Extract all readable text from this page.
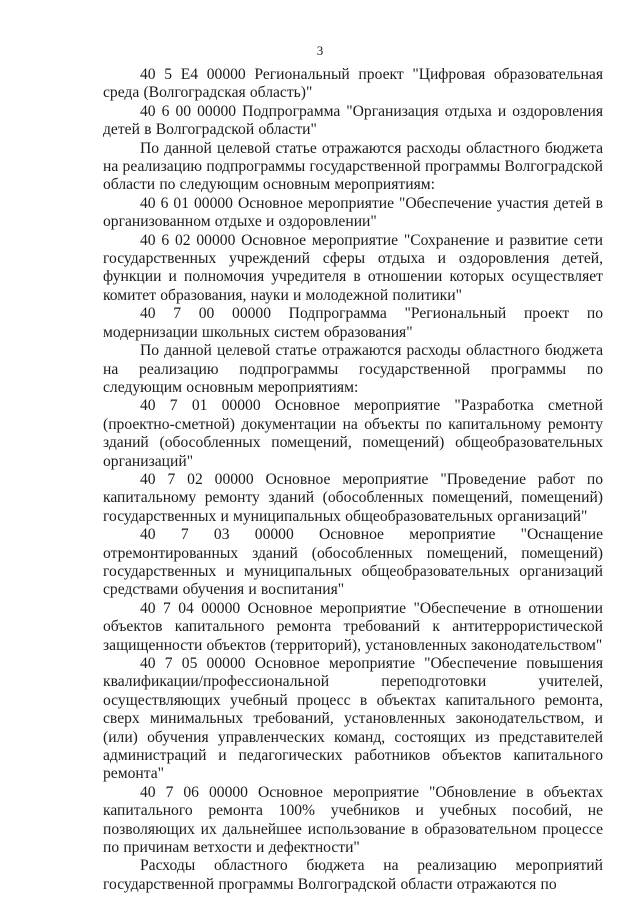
3

40 5 E4 00000 Региональный проект "Цифровая образовательная среда (Волгоградская область)"

40 6 00 00000 Подпрограмма "Организация отдыха и оздоровления детей в Волгоградской области"

По данной целевой статье отражаются расходы областного бюджета на реализацию подпрограммы государственной программы Волгоградской области по следующим основным мероприятиям:

40 6 01 00000 Основное мероприятие "Обеспечение участия детей в организованном отдыхе и оздоровлении"

40 6 02 00000 Основное мероприятие "Сохранение и развитие сети государственных учреждений сферы отдыха и оздоровления детей, функции и полномочия учредителя в отношении которых осуществляет комитет образования, науки и молодежной политики"

40 7 00 00000 Подпрограмма "Региональный проект по модернизации школьных систем образования"

По данной целевой статье отражаются расходы областного бюджета на реализацию подпрограммы государственной программы по следующим основным мероприятиям:

40 7 01 00000 Основное мероприятие "Разработка сметной (проектно-сметной) документации на объекты по капитальному ремонту зданий (обособленных помещений, помещений) общеобразовательных организаций"

40 7 02 00000 Основное мероприятие "Проведение работ по капитальному ремонту зданий (обособленных помещений, помещений) государственных и муниципальных общеобразовательных организаций"

40 7 03 00000 Основное мероприятие "Оснащение отремонтированных зданий (обособленных помещений, помещений) государственных и муниципальных общеобразовательных организаций средствами обучения и воспитания"

40 7 04 00000 Основное мероприятие "Обеспечение в отношении объектов капитального ремонта требований к антитеррористической защищенности объектов (территорий), установленных законодательством"

40 7 05 00000 Основное мероприятие "Обеспечение повышения квалификации/профессиональной переподготовки учителей, осуществляющих учебный процесс в объектах капитального ремонта, сверх минимальных требований, установленных законодательством, и (или) обучения управленческих команд, состоящих из представителей администраций и педагогических работников объектов капитального ремонта"

40 7 06 00000 Основное мероприятие "Обновление в объектах капитального ремонта 100% учебников и учебных пособий, не позволяющих их дальнейшее использование в образовательном процессе по причинам ветхости и дефектности"

Расходы областного бюджета на реализацию мероприятий государственной программы Волгоградской области отражаются по
